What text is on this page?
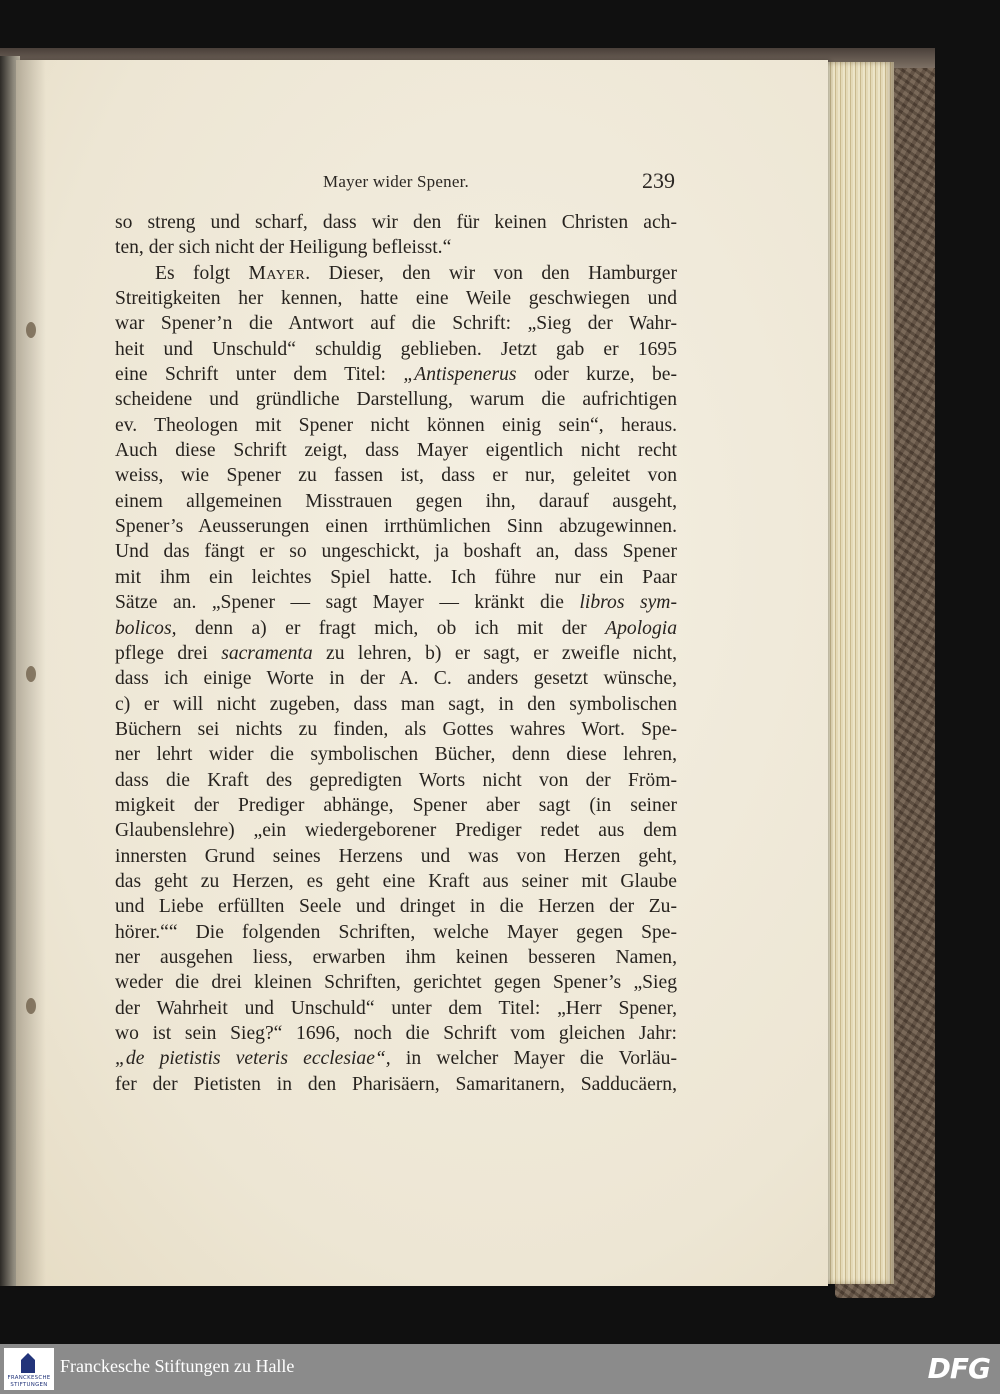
Mayer wider Spener.	239
so streng und scharf, dass wir den für keinen Christen ach-
ten, der sich nicht der Heiligung befleisst.“
Es folgt Mayer. Dieser, den wir von den Hamburger
Streitigkeiten her kennen, hatte eine Weile geschwiegen und
war Spener’n die Antwort auf die Schrift: „Sieg der Wahr-
heit und Unschuld“ schuldig geblieben. Jetzt gab er 1695
eine Schrift unter dem Titel: „Antispenerus oder kurze, be-
scheidene und gründliche Darstellung, warum die aufrichtigen
ev. Theologen mit Spener nicht können einig sein“, heraus.
Auch diese Schrift zeigt, dass Mayer eigentlich nicht recht
weiss, wie Spener zu fassen ist, dass er nur, geleitet von
einem allgemeinen Misstrauen gegen ihn, darauf ausgeht,
Spener’s Aeusserungen einen irrthümlichen Sinn abzugewinnen.
Und das fängt er so ungeschickt, ja boshaft an, dass Spener
mit ihm ein leichtes Spiel hatte. Ich führe nur ein Paar
Sätze an. „Spener — sagt Mayer — kränkt die libros sym-
bolicos, denn a) er fragt mich, ob ich mit der Apologia
pflege drei sacramenta zu lehren, b) er sagt, er zweifle nicht,
dass ich einige Worte in der A. C. anders gesetzt wünsche,
c) er will nicht zugeben, dass man sagt, in den symbolischen
Büchern sei nichts zu finden, als Gottes wahres Wort. Spe-
ner lehrt wider die symbolischen Bücher, denn diese lehren,
dass die Kraft des gepredigten Worts nicht von der Fröm-
migkeit der Prediger abhänge, Spener aber sagt (in seiner
Glaubenslehre) „ein wiedergeborener Prediger redet aus dem
innersten Grund seines Herzens und was von Herzen geht,
das geht zu Herzen, es geht eine Kraft aus seiner mit Glaube
und Liebe erfüllten Seele und dringet in die Herzen der Zu-
hörer.““ Die folgenden Schriften, welche Mayer gegen Spe-
ner ausgehen liess, erwarben ihm keinen besseren Namen,
weder die drei kleinen Schriften, gerichtet gegen Spener’s „Sieg
der Wahrheit und Unschuld“ unter dem Titel: „Herr Spener,
wo ist sein Sieg?“ 1696, noch die Schrift vom gleichen Jahr:
„de pietistis veteris ecclesiae“, in welcher Mayer die Vorläu-
fer der Pietisten in den Pharisäern, Samaritanern, Sadducäern,
FRANCKESCHE STIFTUNGEN
Franckesche Stiftungen zu Halle	DFG
